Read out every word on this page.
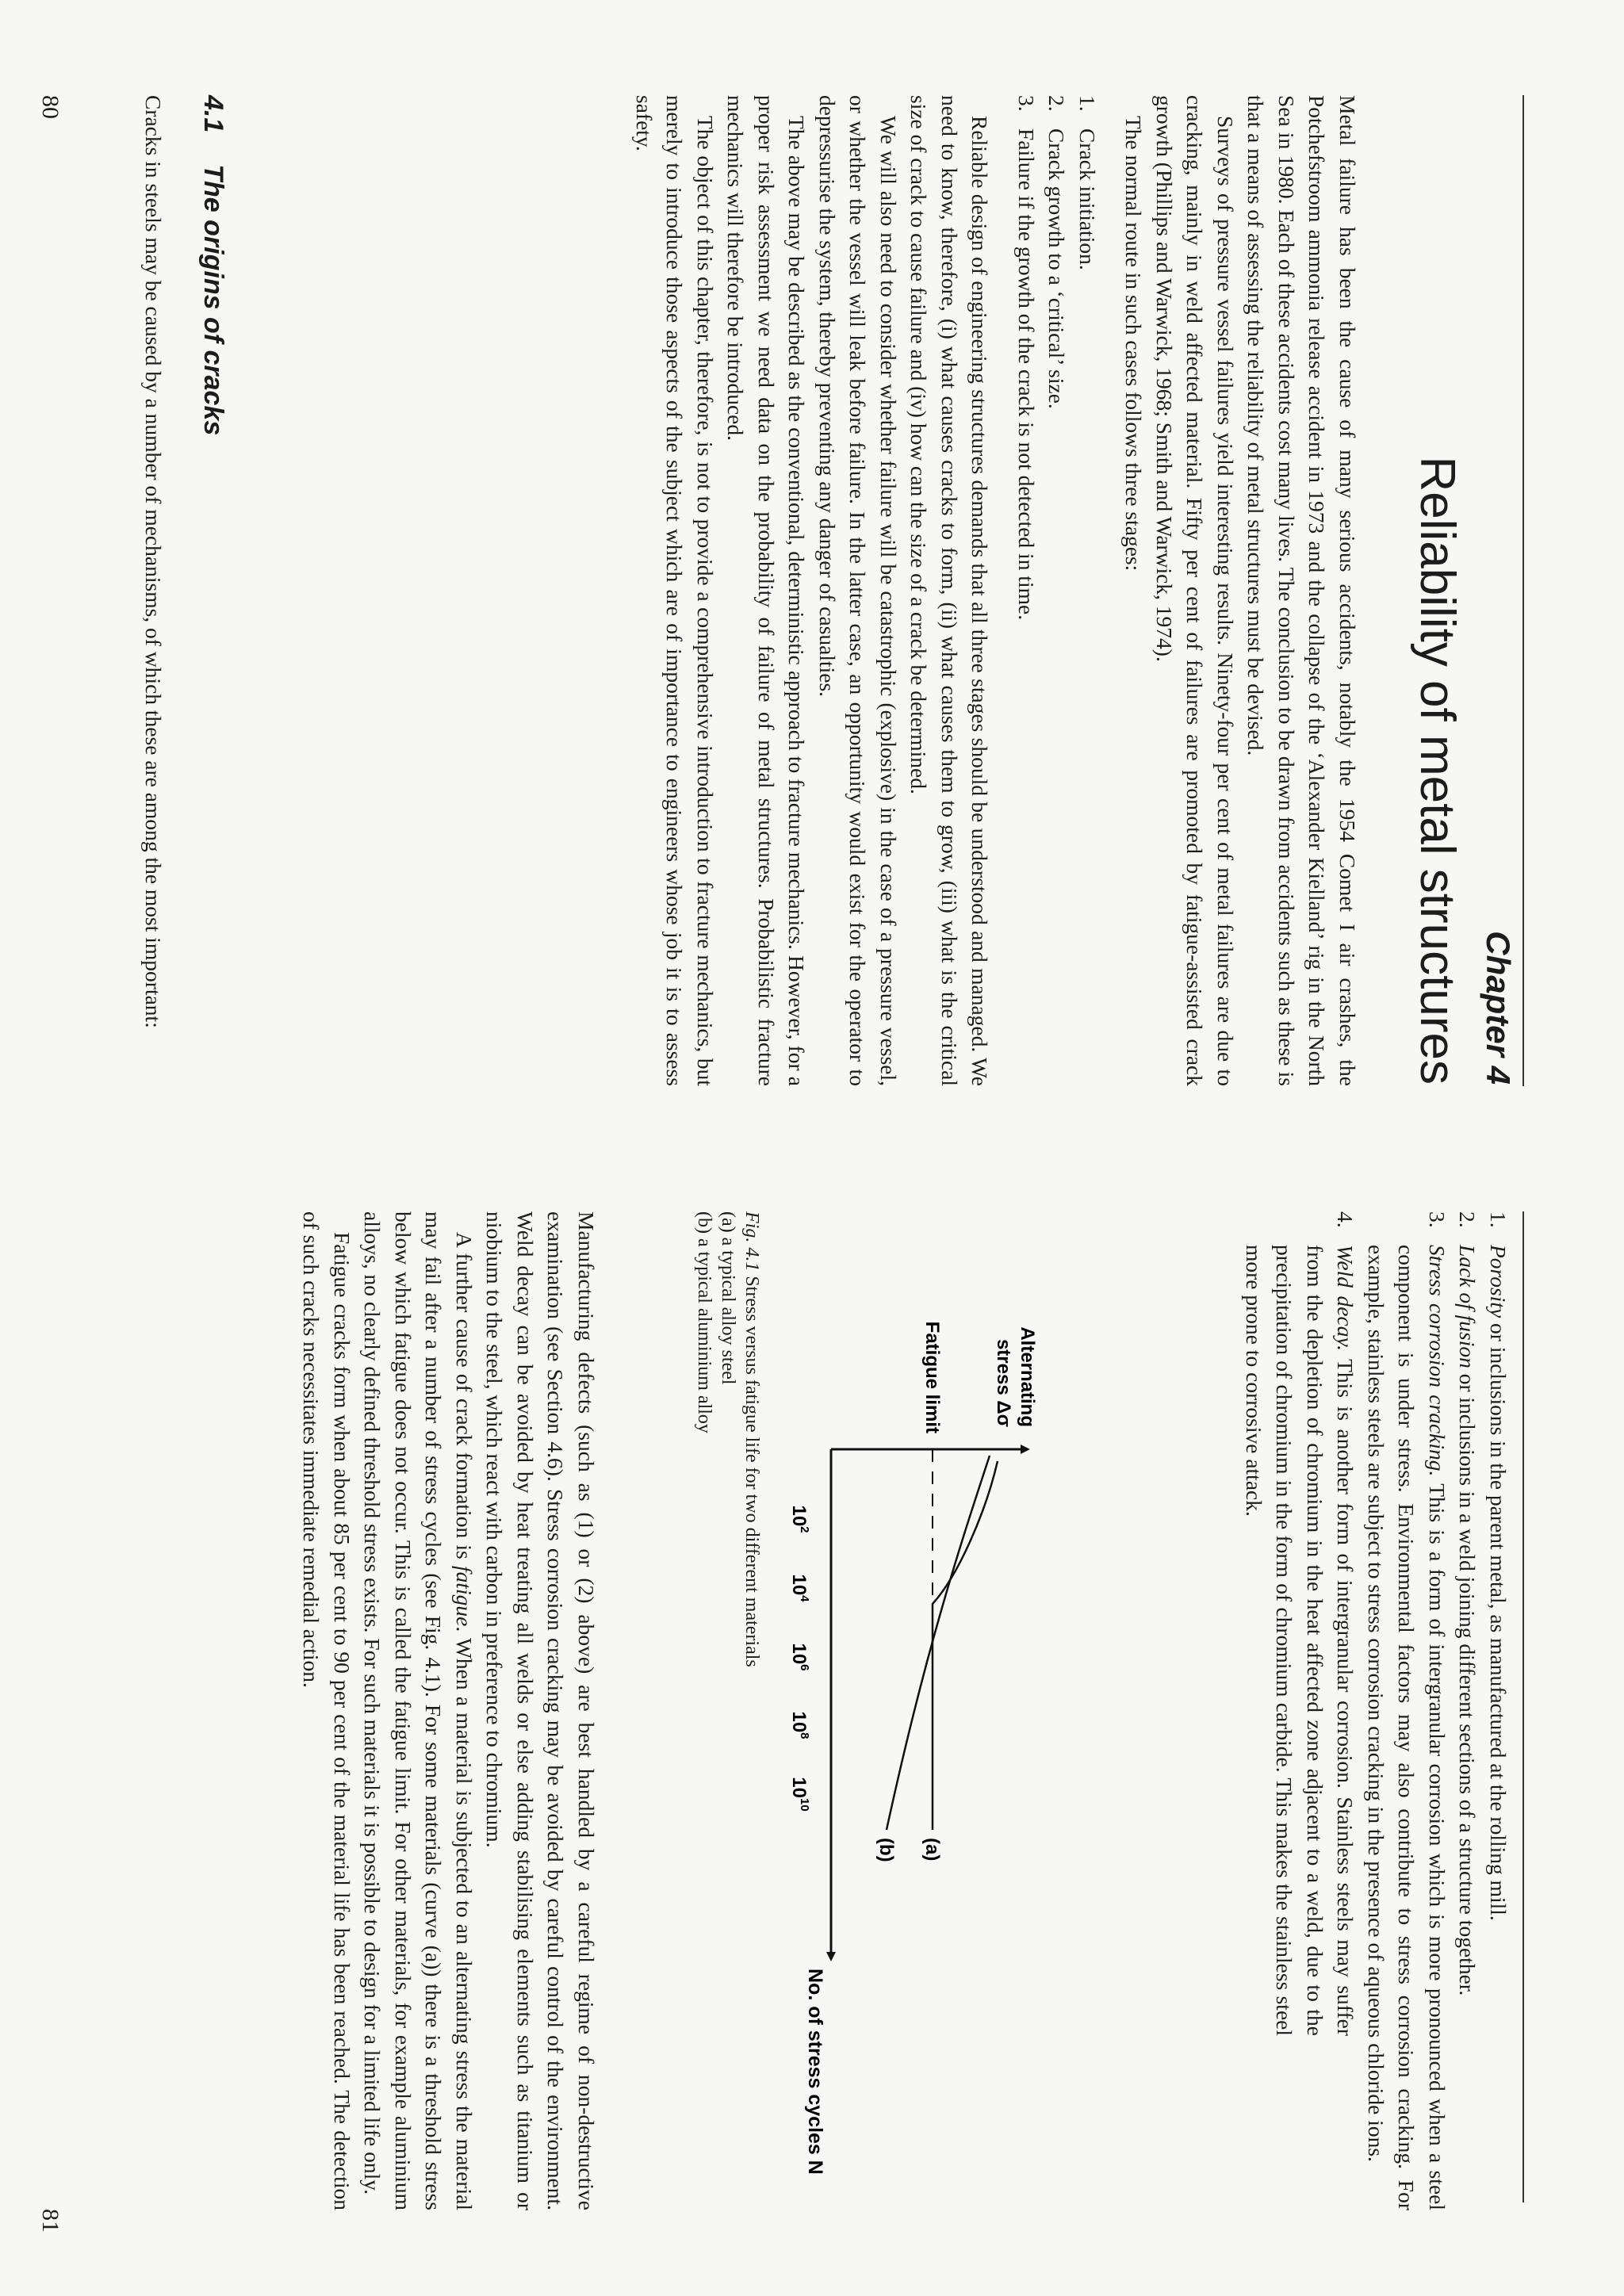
Chapter 4
Reliability of metal structures

Metal failure has been the cause of many serious accidents, notably the 1954 Comet I air crashes, the Potchefstroom ammonia release accident in 1973 and the collapse of the ‘Alexander Kielland’ rig in the North Sea in 1980. Each of these accidents cost many lives. The conclusion to be drawn from accidents such as these is that a means of assessing the reliability of metal structures must be devised.

Surveys of pressure vessel failures yield interesting results. Ninety-four per cent of metal failures are due to cracking, mainly in weld affected material. Fifty per cent of failures are promoted by fatigue-assisted crack growth (Phillips and Warwick, 1968; Smith and Warwick, 1974).

The normal route in such cases follows three stages:

1.
Crack initiation.
2.
Crack growth to a ‘critical’ size.
3.
Failure if the growth of the crack is not detected in time.

Reliable design of engineering structures demands that all three stages should be understood and managed. We need to know, therefore, (i) what causes cracks to form, (ii) what causes them to grow, (iii) what is the critical size of crack to cause failure and (iv) how can the size of a crack be determined.

We will also need to consider whether failure will be catastrophic (explosive) in the case of a pressure vessel, or whether the vessel will leak before failure. In the latter case, an opportunity would exist for the operator to depressurise the system, thereby preventing any danger of casualties.

The above may be described as the conventional, deterministic approach to fracture mechanics. However, for a proper risk assessment we need data on the probability of failure of metal structures. Probabilistic fracture mechanics will therefore be introduced.

The object of this chapter, therefore, is not to provide a comprehensive introduction to fracture mechanics, but merely to introduce those aspects of the subject which are of importance to engineers whose job it is to assess safety.

4.1The origins of cracks

Cracks in steels may be caused by a number of mechanisms, of which these are among the most important:

80
1.
Porosity or inclusions in the parent metal, as manufactured at the rolling mill.
2.
Lack of fusion or inclusions in a weld joining different sections of a structure together.
3.
Stress corrosion cracking. This is a form of intergranular corrosion which is more pronounced when a steel component is under stress. Environmental factors may also contribute to stress corrosion cracking. For example, stainless steels are subject to stress corrosion cracking in the presence of aqueous chloride ions.
4.
Weld decay. This is another form of intergranular corrosion. Stainless steels may suffer from the depletion of chromium in the heat affected zone adjacent to a weld, due to the precipitation of chromium in the form of chromium carbide. This makes the stainless steel more prone to corrosive attack.
$10^2$
$10^4$
$10^6$
$10^8$
$10^{10}$
Alternating
stress Δσ
Fatigue limit
No. of stress cycles N
(a)
(b)
Fig. 4.1 Stress versus fatigue life for two different materials
(a) a typical alloy steel
(b) a typical aluminium alloy

Manufacturing defects (such as (1) or (2) above) are best handled by a careful regime of non-destructive examination (see Section 4.6). Stress corrosion cracking may be avoided by careful control of the environment. Weld decay can be avoided by heat treating all welds or else adding stabilising elements such as titanium or niobium to the steel, which react with carbon in preference to chromium.

A further cause of crack formation is fatigue. When a material is subjected to an alternating stress the material may fail after a number of stress cycles (see Fig. 4.1). For some materials (curve (a)) there is a threshold stress below which fatigue does not occur. This is called the fatigue limit. For other materials, for example aluminium alloys, no clearly defined threshold stress exists. For such materials it is possible to design for a limited life only.

Fatigue cracks form when about 85 per cent to 90 per cent of the material life has been reached. The detection of such cracks necessitates immediate remedial action.

81
